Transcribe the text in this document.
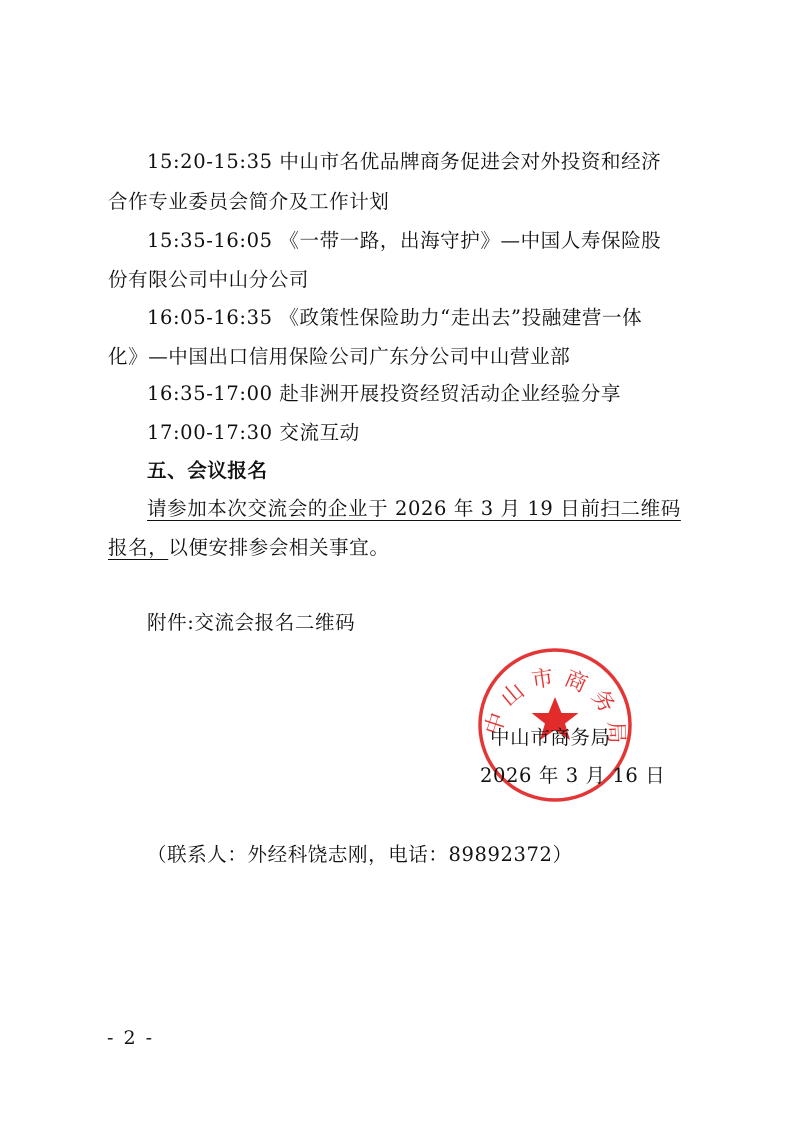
15:20-15:35 中山市名优品牌商务促进会对外投资和经济
合作专业委员会简介及工作计划
15:35-16:05 《一带一路，出海守护》—中国人寿保险股
份有限公司中山分公司
16:05-16:35 《政策性保险助力“走出去”投融建营一体
化》—中国出口信用保险公司广东分公司中山营业部
16:35-17:00 赴非洲开展投资经贸活动企业经验分享
17:00-17:30 交流互动
五、会议报名
请参加本次交流会的企业于 2026 年 3 月 19 日前扫二维码
报名，以便安排参会相关事宜。
附件:交流会报名二维码
中山市商务局
中山市商务局
2026 年 3 月 16 日
（联系人：外经科饶志刚，电话：89892372）
- 2 -
